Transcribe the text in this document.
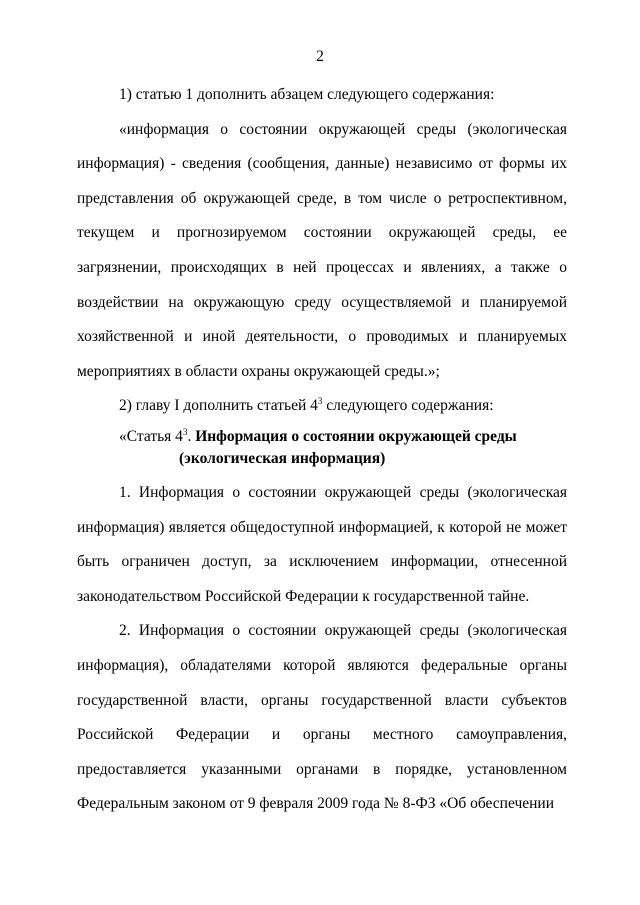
2

1) статью 1 дополнить абзацем следующего содержания:

«информация о состоянии окружающей среды (экологическая информация) - сведения (сообщения, данные) независимо от формы их представления об окружающей среде, в том числе о ретроспективном, текущем и прогнозируемом состоянии окружающей среды, ее загрязнении, происходящих в ней процессах и явлениях, а также о воздействии на окружающую среду осуществляемой и планируемой хозяйственной и иной деятельности, о проводимых и планируемых мероприятиях в области охраны окружающей среды.»;

2) главу I дополнить статьей $4^3$ следующего содержания:

«Статья $4^3$. Информация о состоянии окружающей среды
(экологическая информация)

1. Информация о состоянии окружающей среды (экологическая информация) является общедоступной информацией, к которой не может быть ограничен доступ, за исключением информации, отнесенной законодательством Российской Федерации к государственной тайне.

2. Информация о состоянии окружающей среды (экологическая информация), обладателями которой являются федеральные органы государственной власти, органы государственной власти субъектов Российской Федерации и органы местного самоуправления, предоставляется указанными органами в порядке, установленном Федеральным законом от 9 февраля 2009 года № 8-ФЗ «Об обеспечении
